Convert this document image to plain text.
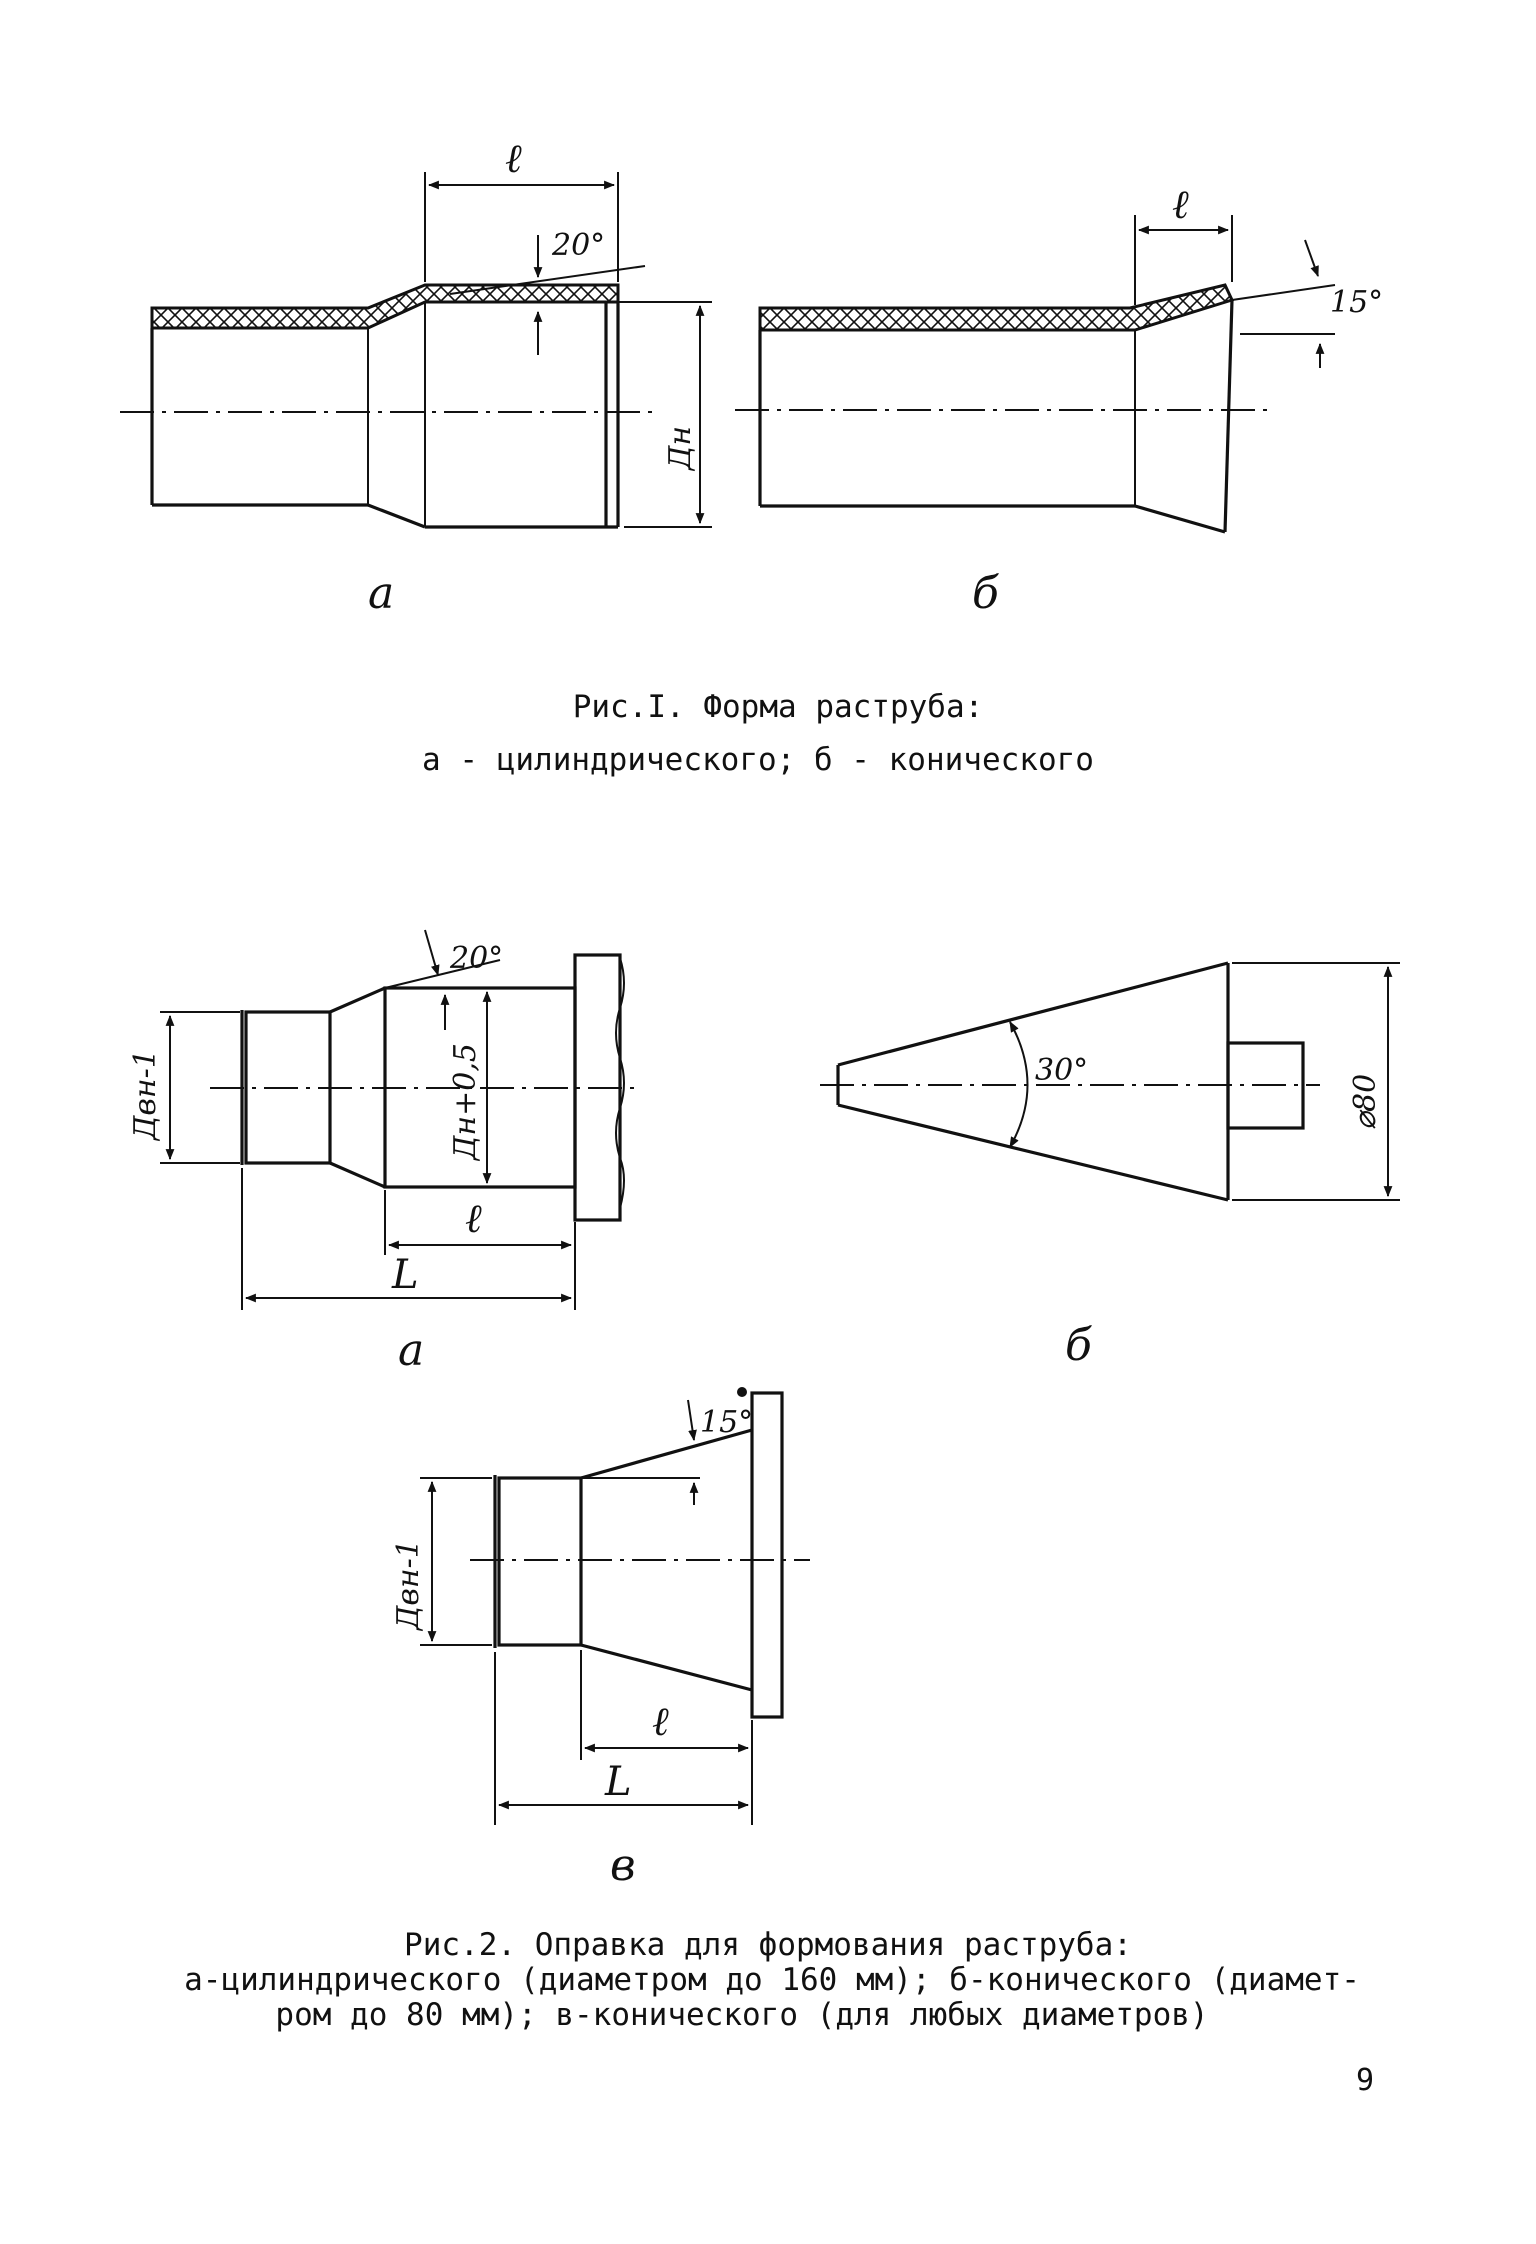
ℓ
20°
Дн
а
ℓ
15°
б
Рис.I. Форма раструба:
а - цилиндрического; б - конического
20°
Двн-1	Дн+0,5
ℓ
L
а
30°
⌀80
б
15°
Двн-1
ℓ
L
в
Рис.2. Оправка для формования раструба:
а-цилиндрического (диаметром до 160 мм); б-конического (диамет-
ром до 80 мм); в-конического (для любых диаметров)
9
